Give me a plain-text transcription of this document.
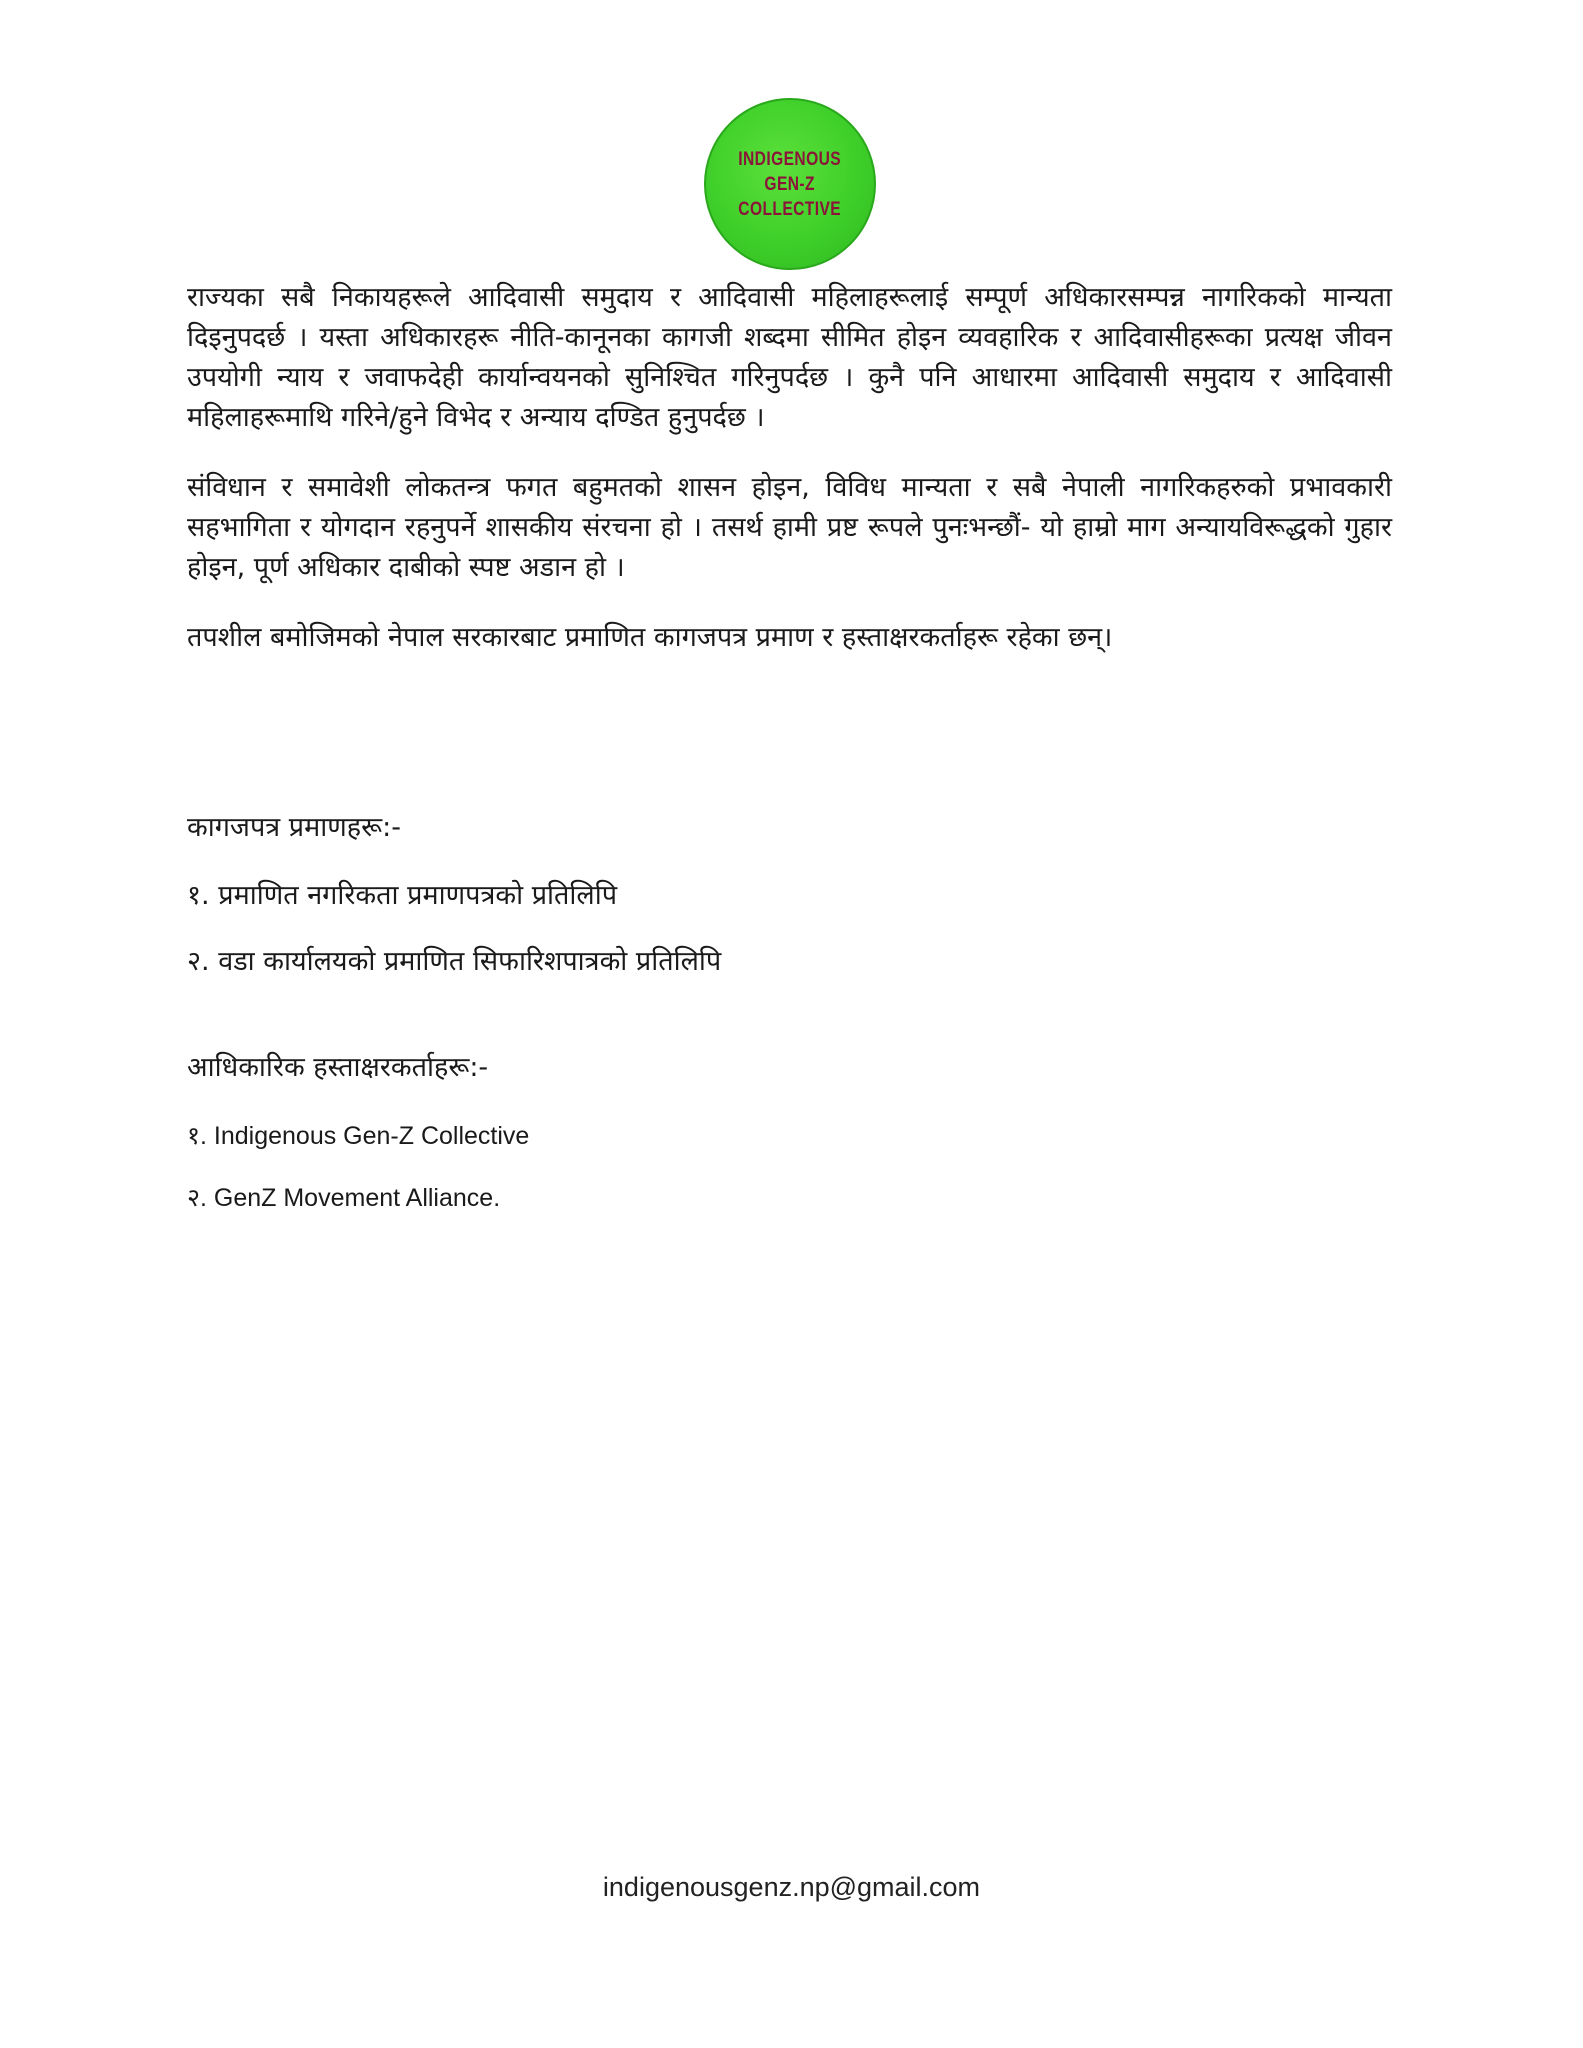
INDIGENOUS
GEN-Z
COLLECTIVE

राज्यका सबै निकायहरूले आदिवासी समुदाय र आदिवासी महिलाहरूलाई सम्पूर्ण अधिकारसम्पन्न नागरिकको मान्यता दिइनुपदर्छ । यस्ता अधिकारहरू नीति-कानूनका कागजी शब्दमा सीमित होइन व्यवहारिक र आदिवासीहरूका प्रत्यक्ष जीवन उपयोगी न्याय र जवाफदेही कार्यान्वयनको सुनिश्चित गरिनुपर्दछ । कुनै पनि आधारमा आदिवासी समुदाय र आदिवासी महिलाहरूमाथि गरिने/हुने विभेद र अन्याय दण्डित हुनुपर्दछ ।

संविधान र समावेशी लोकतन्त्र फगत बहुमतको शासन होइन, विविध मान्यता र सबै नेपाली नागरिकहरुको प्रभावकारी सहभागिता र योगदान रहनुपर्ने शासकीय संरचना हो । तसर्थ हामी प्रष्ट रूपले पुनःभन्छौं- यो हाम्रो माग अन्यायविरूद्धको गुहार होइन, पूर्ण अधिकार दाबीको स्पष्ट अडान हो ।

तपशील बमोजिमको नेपाल सरकारबाट प्रमाणित कागजपत्र प्रमाण र हस्ताक्षरकर्ताहरू रहेका छन्।

कागजपत्र प्रमाणहरू:-
१. प्रमाणित नगरिकता प्रमाणपत्रको प्रतिलिपि
२. वडा कार्यालयको प्रमाणित सिफारिशपात्रको प्रतिलिपि
आधिकारिक हस्ताक्षरकर्ताहरू:-
१. Indigenous Gen-Z Collective
२. GenZ Movement Alliance.
indigenousgenz.np@gmail.com
